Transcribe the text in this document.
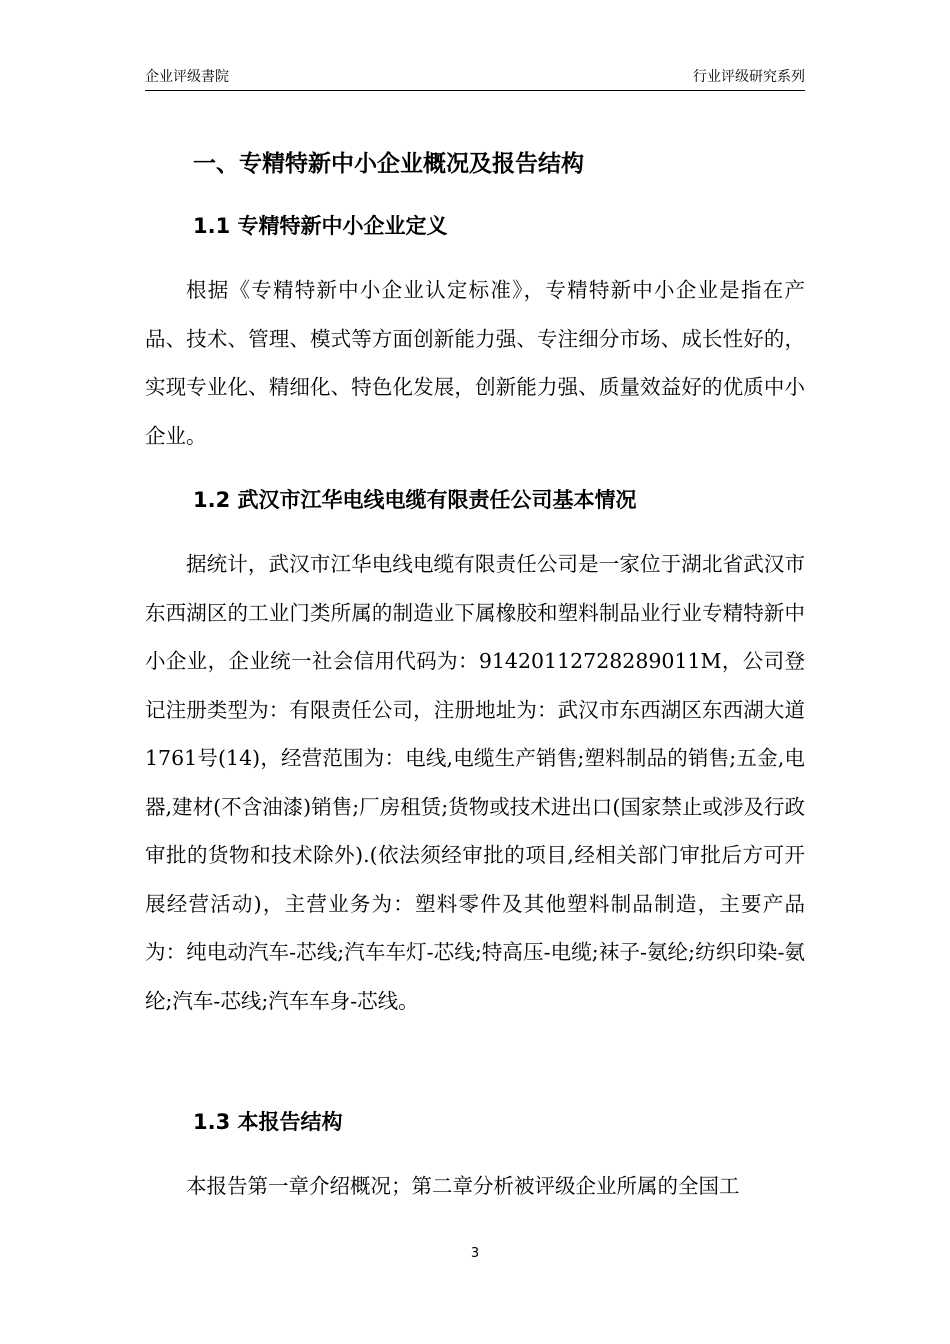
企业评级書院	行业评级研究系列
一、专精特新中小企业概况及报告结构
1.1 专精特新中小企业定义

根据《专精特新中小企业认定标准》，专精特新中小企业是指在产品、技术、管理、模式等方面创新能力强、专注细分市场、成长性好的，实现专业化、精细化、特色化发展，创新能力强、质量效益好的优质中小企业。

1.2 武汉市江华电线电缆有限责任公司基本情况

据统计，武汉市江华电线电缆有限责任公司是一家位于湖北省武汉市东西湖区的工业门类所属的制造业下属橡胶和塑料制品业行业专精特新中小企业，企业统一社会信用代码为：91420112728289011M，公司登记注册类型为：有限责任公司，注册地址为：武汉市东西湖区东西湖大道1761号(14)，经营范围为：电线,电缆生产销售;塑料制品的销售;五金,电器,建材(不含油漆)销售;厂房租赁;货物或技术进出口(国家禁止或涉及行政审批的货物和技术除外).(依法须经审批的项目,经相关部门审批后方可开展经营活动)，主营业务为：塑料零件及其他塑料制品制造，主要产品为：纯电动汽车-芯线;汽车车灯-芯线;特高压-电缆;袜子-氨纶;纺织印染-氨纶;汽车-芯线;汽车车身-芯线。

1.3 本报告结构

本报告第一章介绍概况；第二章分析被评级企业所属的全国工

3
